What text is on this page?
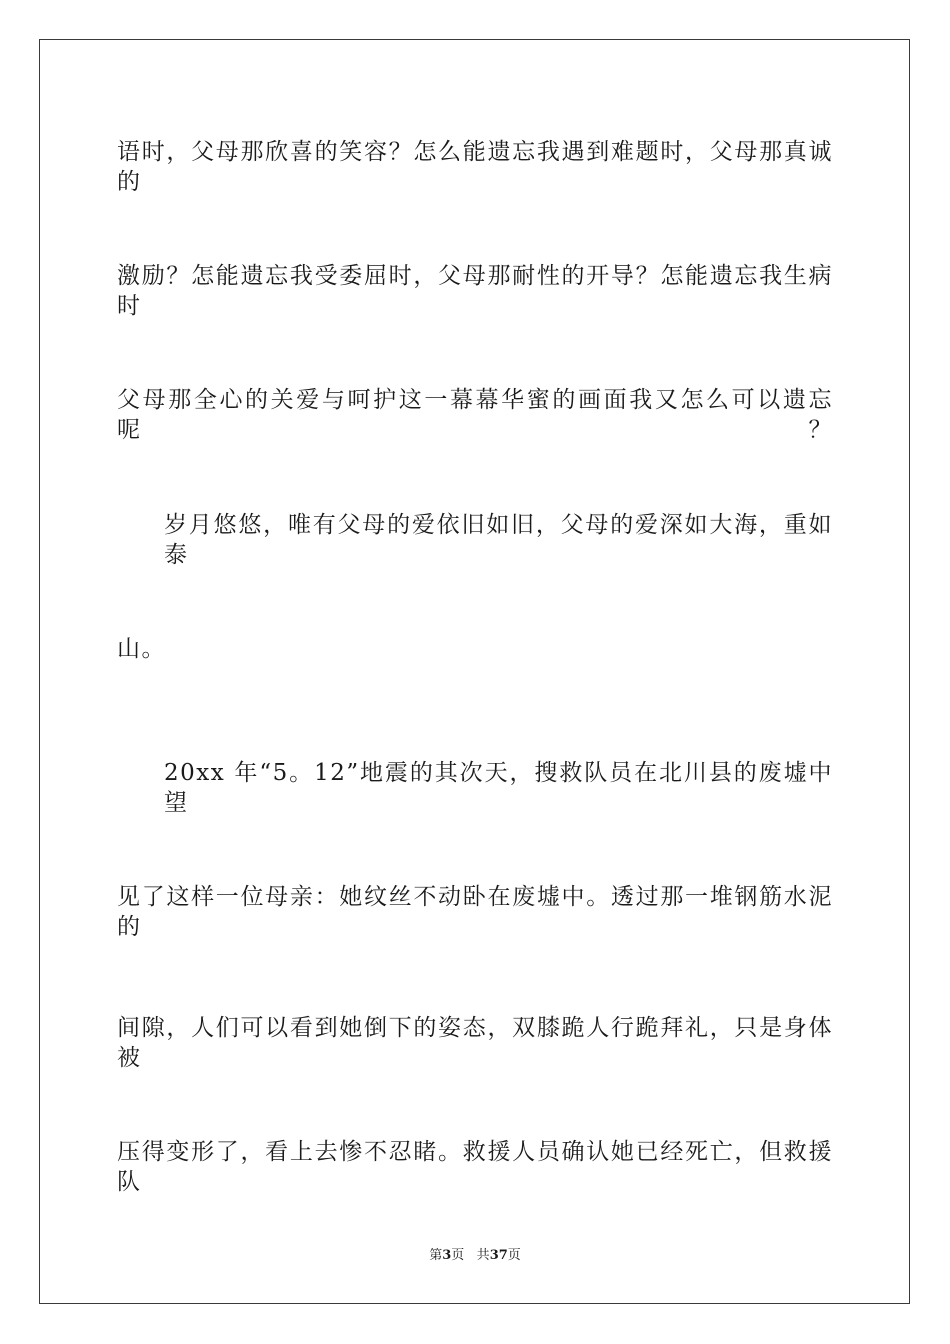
语时，父母那欣喜的笑容？怎么能遗忘我遇到难题时，父母那真诚的
激励？怎能遗忘我受委屈时，父母那耐性的开导？怎能遗忘我生病时
父母那全心的关爱与呵护这一幕幕华蜜的画面我又怎么可以遗忘呢？
岁月悠悠，唯有父母的爱依旧如旧，父母的爱深如大海，重如泰
山。
20xx 年“5。12”地震的其次天，搜救队员在北川县的废墟中望
见了这样一位母亲：她纹丝不动卧在废墟中。透过那一堆钢筋水泥的
间隙，人们可以看到她倒下的姿态，双膝跪人行跪拜礼，只是身体被
压得变形了，看上去惨不忍睹。救援人员确认她已经死亡，但救援队
第3页 共37页
